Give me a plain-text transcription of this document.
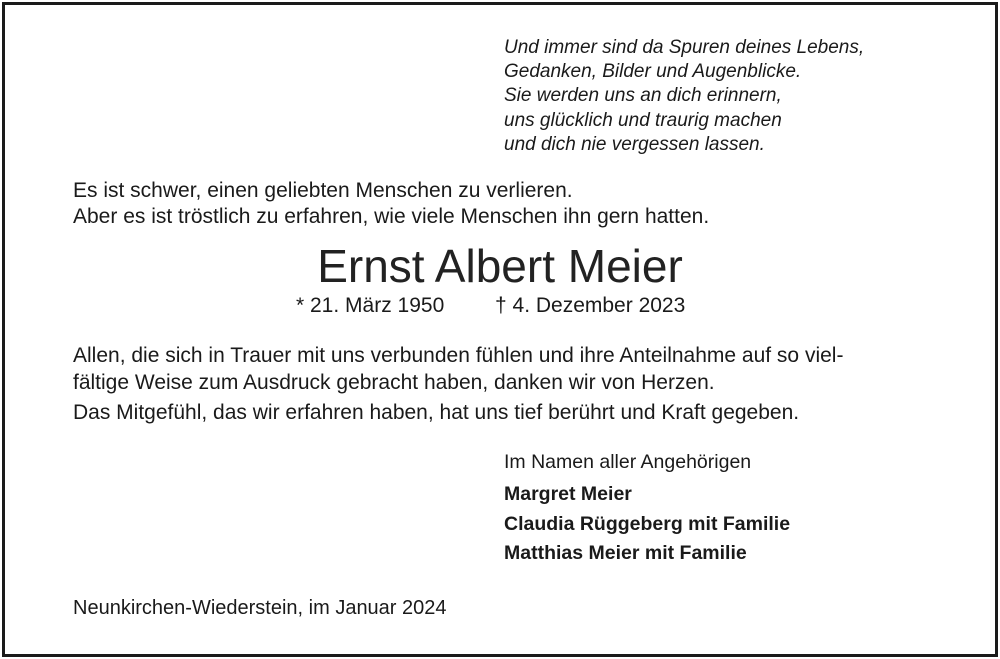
Und immer sind da Spuren deines Lebens,
Gedanken, Bilder und Augenblicke.
Sie werden uns an dich erinnern,
uns glücklich und traurig machen
und dich nie vergessen lassen.
Es ist schwer, einen geliebten Menschen zu verlieren.
Aber es ist tröstlich zu erfahren, wie viele Menschen ihn gern hatten.
Ernst Albert Meier
* 21. März 1950 † 4. Dezember 2023
Allen, die sich in Trauer mit uns verbunden fühlen und ihre Anteilnahme auf so viel-
fältige Weise zum Ausdruck gebracht haben, danken wir von Herzen.
Das Mitgefühl, das wir erfahren haben, hat uns tief berührt und Kraft gegeben.
Im Namen aller Angehörigen
Margret Meier
Claudia Rüggeberg mit Familie
Matthias Meier mit Familie
Neunkirchen-Wiederstein, im Januar 2024
